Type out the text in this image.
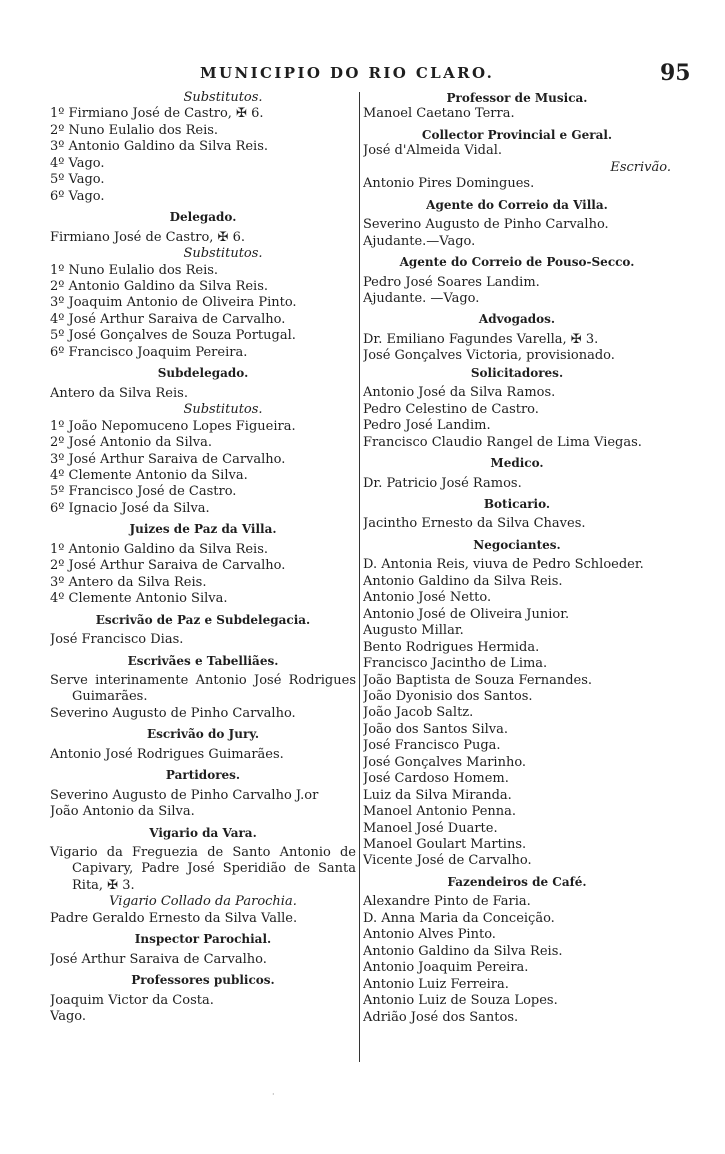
MUNICIPIO DO RIO CLARO.	95
Substitutos.
1º Firmiano José de Castro, ✠ 6.
2º Nuno Eulalio dos Reis.
3º Antonio Galdino da Silva Reis.
4º Vago.
5º Vago.
6º Vago.
Delegado.
Firmiano José de Castro, ✠ 6.
Substitutos.
1º Nuno Eulalio dos Reis.
2º Antonio Galdino da Silva Reis.
3º Joaquim Antonio de Oliveira Pinto.
4º José Arthur Saraiva de Carvalho.
5º José Gonçalves de Souza Portugal.
6º Francisco Joaquim Pereira.
Subdelegado.
Antero da Silva Reis.
Substitutos.
1º João Nepomuceno Lopes Figueira.
2º José Antonio da Silva.
3º José Arthur Saraiva de Carvalho.
4º Clemente Antonio da Silva.
5º Francisco José de Castro.
6º Ignacio José da Silva.
Juizes de Paz da Villa.
1º Antonio Galdino da Silva Reis.
2º José Arthur Saraiva de Carvalho.
3º Antero da Silva Reis.
4º Clemente Antonio Silva.
Escrivão de Paz e Subdelegacia.
José Francisco Dias.
Escrivães e Tabelliães.
Serve interinamente Antonio José Rodrigues Guimarães.
Severino Augusto de Pinho Carvalho.
Escrivão do Jury.
Antonio José Rodrigues Guimarães.
Partidores.
Severino Augusto de Pinho Carvalho J.or
João Antonio da Silva.
Vigario da Vara.
Vigario da Freguezia de Santo Antonio de Capivary, Padre José Speridião de Santa Rita, ✠ 3.
Vigario Collado da Parochia.
Padre Geraldo Ernesto da Silva Valle.
Inspector Parochial.
José Arthur Saraiva de Carvalho.
Professores publicos.
Joaquim Victor da Costa.
Vago.
Professor de Musica.
Manoel Caetano Terra.
Collector Provincial e Geral.
José d'Almeida Vidal.
Escrivão.
Antonio Pires Domingues.
Agente do Correio da Villa.
Severino Augusto de Pinho Carvalho.
Ajudante.—Vago.
Agente do Correio de Pouso-Secco.
Pedro José Soares Landim.
Ajudante. —Vago.
Advogados.
Dr. Emiliano Fagundes Varella, ✠ 3.
José Gonçalves Victoria, provisionado.
Solicitadores.
Antonio José da Silva Ramos.
Pedro Celestino de Castro.
Pedro José Landim.
Francisco Claudio Rangel de Lima Viegas.
Medico.
Dr. Patricio José Ramos.
Boticario.
Jacintho Ernesto da Silva Chaves.
Negociantes.
D. Antonia Reis, viuva de Pedro Schloeder.
Antonio Galdino da Silva Reis.
Antonio José Netto.
Antonio José de Oliveira Junior.
Augusto Millar.
Bento Rodrigues Hermida.
Francisco Jacintho de Lima.
João Baptista de Souza Fernandes.
João Dyonisio dos Santos.
João Jacob Saltz.
João dos Santos Silva.
José Francisco Puga.
José Gonçalves Marinho.
José Cardoso Homem.
Luiz da Silva Miranda.
Manoel Antonio Penna.
Manoel José Duarte.
Manoel Goulart Martins.
Vicente José de Carvalho.
Fazendeiros de Café.
Alexandre Pinto de Faria.
D. Anna Maria da Conceição.
Antonio Alves Pinto.
Antonio Galdino da Silva Reis.
Antonio Joaquim Pereira.
Antonio Luiz Ferreira.
Antonio Luiz de Souza Lopes.
Adrião José dos Santos.
·
